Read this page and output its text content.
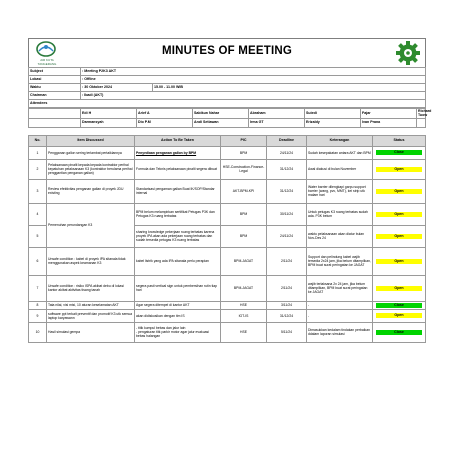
AIR KUTA TANGERANG
MINUTES OF MEETING
Subject	: Meeting P2K3 AKT	
Lokasi	: Offline	
Waktu	: 30 Oktober 2024	15.00 - 11.00 WIB
Chairman	: Ibadi (AKT)	
Attendees		
	Edi H	Arief A	Sabikun Nahar	Abraham	Suiedi	Fajar	Richard Tuow
	Darmansyah	Dio P.M	Andi Setiawan	Irma GT	Erizaldy	Ivan Prana	

No.	Item Discussed	Action To Be Taken	PIC	Deadline	Keterangan	Status
1	Pengganan gallon sering terlambat pertaiklannya	Penyediaan penganan gallon by BPM	BPM	24/11/24	Sudah kesepakatan antara AKT dan BPM	Close

2	Pelaksanaan pinalti kepada kepada kontraktor perihal kepatuhan pelaksanaan K3 (kontraktor berulama perihal penggantian penganan galian)	Formula dan Teknis pelaksanaan pinalti segera dibuat	HSE-Construction-Finance-Legal	31/12/24	Awal diakusi di bulan November	Open

3	Review efektivitas penganan galian di proyek JDU existing	Standarisasi pengaman galian Buat IK/SOP/Standar internal	AKT-BPM-KPI	31/12/24	Water barrier dilengkapi garpu support barrier (wang, pvc, MMT), kei strip utk malam hari	Open

4	Pemenuhan perundangan K3	BPM belum melampirkan sertifikat Petugas P3K dan Petugas K3 ruang terbatas	BPM	30/11/24	Untuk petugas K3 ruang terbatas sudah ada. P3K belum	Open

5		sharing knowledge pekerjaan ruang terbatas karena proyek IPA akan ada pekerjaan ruang terbatas dan sudah tersedia petugas K3 ruang terbatas	BPM	24/11/24	waktu pelaksanaan akan diatur bulan Nov-Des 24	Open

6	Unsafe condition : kabel di proyek IPA sitanala tidak menggunakan aspek keamanan K3	kabel listrik yang ada IPA sitanala perlu perapian	BPM-JAGAT	2/11/24	Support dan pelindung kabel wajib tersedia 2x24 jam, jika belum ditampilkan, BPM buat surat peringatan ke JAGAT	Open

7	Unsafe condition : risiko ISPA akibat debu di lokasi kantor akibat aktivitas tisang tanah	segera pasti vertical sign untuk pembersihan rutin tiap hari	BPM-JAGAT	2/11/24	wajib terlaksana 2x 24 jam, jika belum ditampilkan, BPM buat surat peringatan ke JAGAT	Open

8	Tata nilai, visi misi, 10 aturan keselamatan AKT	Agar segera ditempel di kantor AKT	HSE	3/11/24	-	Close

9	software ppt terkait preventif dan promotif K3 utk semua laptop karyawann	akan didiskusikan dengan tim IS	IGT-IS	31/12/24	-	Open

10	Hasil simulasi gempa	- titik kumpul bebas dan jalur lain
- pengaturan titk parkir motor agar jalur evakuasi bebas halangan	HSE	5/11/24	Dimasukkan kedalam tindakan perbaikan ddalam laporan simulasi	Close
